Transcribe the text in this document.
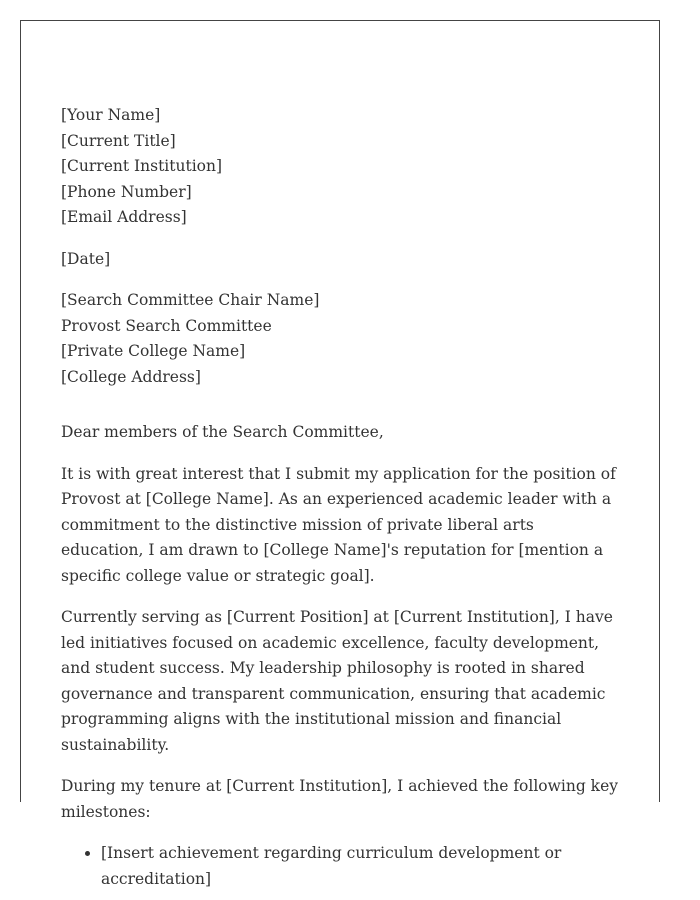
[Your Name]
[Current Title]
[Current Institution]
[Phone Number]
[Email Address]
[Date]
[Search Committee Chair Name]
Provost Search Committee
[Private College Name]
[College Address]

Dear members of the Search Committee,

It is with great interest that I submit my application for the position of Provost at [College Name]. As an experienced academic leader with a commitment to the distinctive mission of private liberal arts education, I am drawn to [College Name]'s reputation for [mention a specific college value or strategic goal].

Currently serving as [Current Position] at [Current Institution], I have led initiatives focused on academic excellence, faculty development, and student success. My leadership philosophy is rooted in shared governance and transparent communication, ensuring that academic programming aligns with the institutional mission and financial sustainability.

During my tenure at [Current Institution], I achieved the following key milestones:

• [Insert achievement regarding curriculum development or accreditation]
